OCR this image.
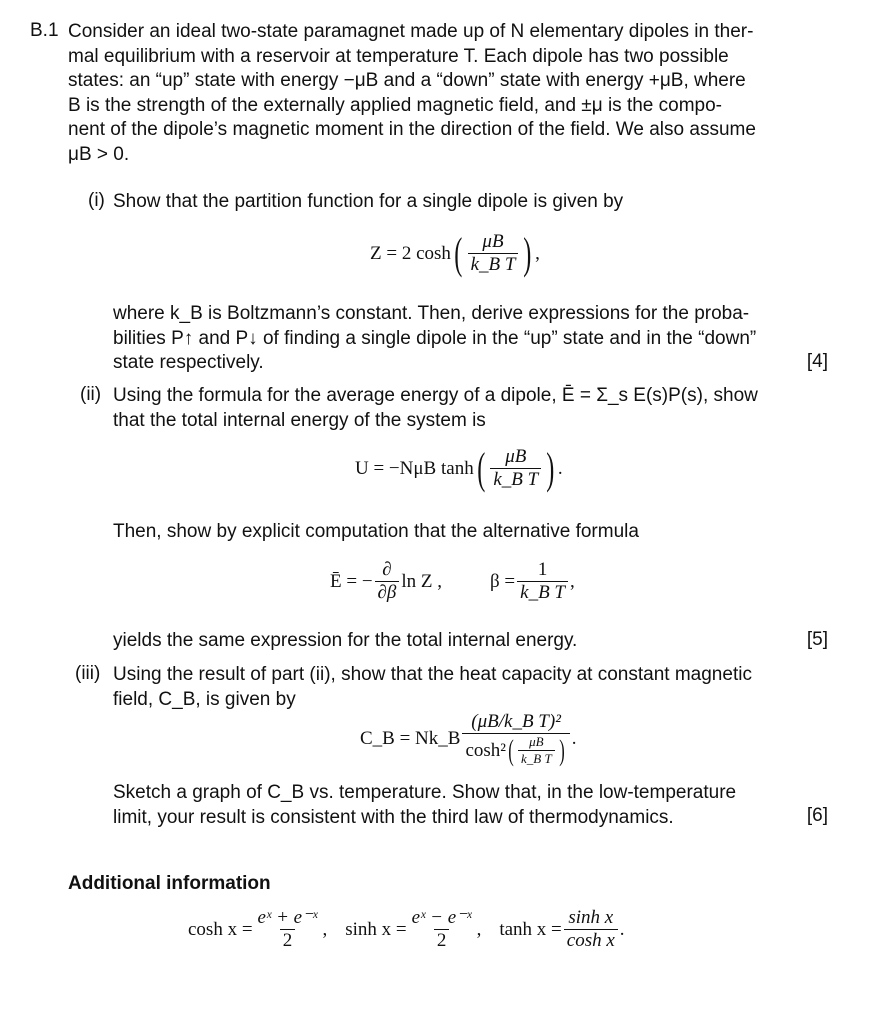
B.1 Consider an ideal two-state paramagnet made up of N elementary dipoles in ther-
mal equilibrium with a reservoir at temperature T. Each dipole has two possible
states: an “up” state with energy −μB and a “down” state with energy +μB, where
B is the strength of the externally applied magnetic field, and ±μ is the compo-
nent of the dipole’s magnetic moment in the direction of the field. We also assume
μB > 0.
(i) Show that the partition function for a single dipole is given by
Z = 2 cosh ( $\frac{\mu B}{\text{k\_B T}}$ ) ,
where k_B is Boltzmann’s constant. Then, derive expressions for the proba-
bilities P↑ and P↓ of finding a single dipole in the “up” state and in the “down”
state respectively.	[4]
(ii) Using the formula for the average energy of a dipole, Ē = Σ_s E(s)P(s), show
that the total internal energy of the system is
U = −NμB tanh ( $\frac{\mu B}{\text{k\_B T}}$ ) .
Then, show by explicit computation that the alternative formula
Ē = − $\frac{\partial}{\partial\beta}$ ln Z ,	$\beta = \frac{1}{\text{k\_B T}}$ ,
yields the same expression for the total internal energy.	[5]
(iii) Using the result of part (ii), show that the heat capacity at constant magnetic
field, C_B, is given by
C_B = Nk_B $\frac{\text{(μB/k\_B T)²}}{\cosh^2 ( \frac{\mu B}{\text{k\_B T}} )}$ .
Sketch a graph of C_B vs. temperature. Show that, in the low-temperature
limit, your result is consistent with the third law of thermodynamics.	[6]
Additional information
$\cosh x = \frac{\text{eˣ + e⁻ˣ}}{2}$ , $\sinh x = \frac{\text{eˣ − e⁻ˣ}}{2}$ , $\tanh x = \frac{\text{sinh x}}{\text{cosh x}}$ .
